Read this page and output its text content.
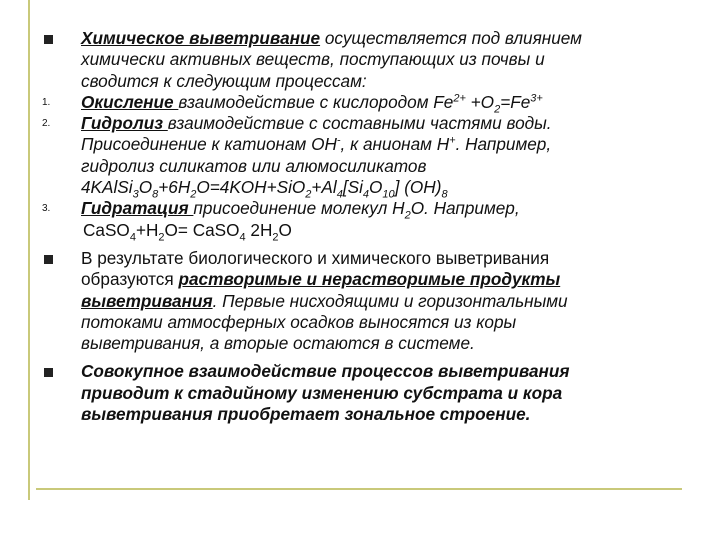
Химическое выветривание осуществляется под влиянием
химически активных веществ, поступающих из почвы и
сводится к следующим процессам:
1.	Окисление взаимодействие с кислородом $Fe^{2+} +O_2=Fe^{3+}$
2.	Гидролиз взаимодействие с составными частями воды.
Присоединение к катионам OH-, к анионам H+. Например,
гидролиз силикатов или алюмосиликатов
$4KAlSi_3O_8+6H_2O=4KOH+SiO_2+Al_4[Si_4O_{10}]$ $(OH)_8$
3.	Гидратация присоединение молекул $H_2O$. Например,
$CaSO_4+H_2O=$ CaSO$_4$ $2H_2O$
В результате биологического и химического выветривания
образуются растворимые и нерастворимые продукты
выветривания. Первые нисходящими и горизонтальными
потоками атмосферных осадков выносятся из коры
выветривания, а вторые остаются в системе.
Совокупное взаимодействие процессов выветривания
приводит к стадийному изменению субстрата и кора
выветривания приобретает зональное строение.
